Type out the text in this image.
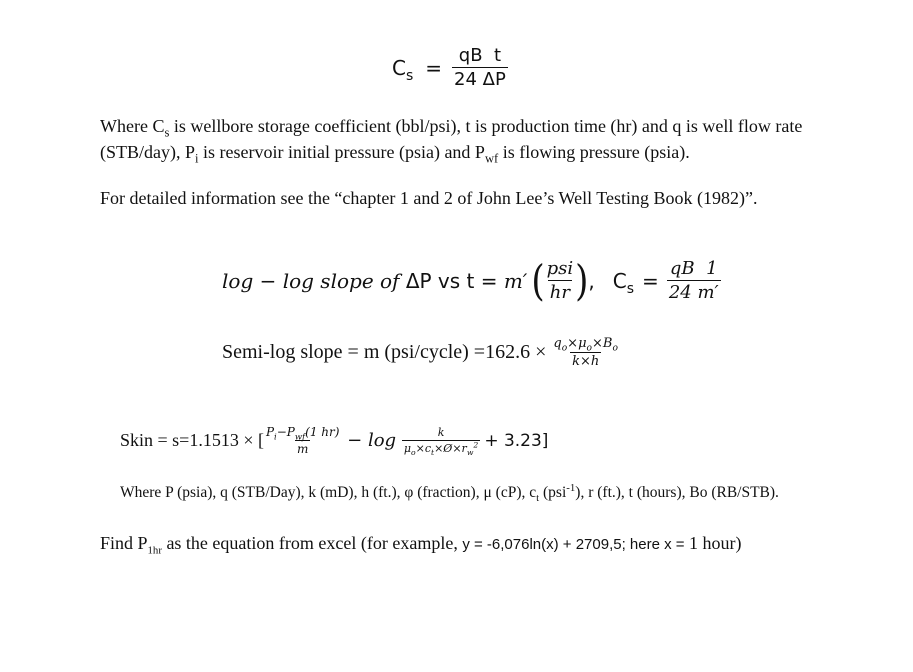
$C_s = \frac{\text{qB  t}}{24 \Delta P}$
Where $C_s$ is wellbore storage coefficient (bbl/psi), t is production time (hr) and q is well flow rate
(STB/day), $P_i$ is reservoir initial pressure (psia) and $P_{wf}$ is flowing pressure (psia).
For detailed information see the “chapter 1 and 2 of John Lee’s Well Testing Book (1982)”.
log − log slope of ΔP vs t = m′ ( $\frac{\text{psi}}{hr}$ ) , $C_s = \frac{qB 1}{24 m'}$
Semi-log slope = m (psi/cycle) $=162.6 \times \frac{q_o\times\mu_o\times B_o}{k\times h}$
Skin = s=1.1513 × [ $\frac{P_i-P_{wf}(1 hr)}{m} - \log \frac{k}{\mu_o\times c_t\times Ø\times r_w^2} + 3.23$]
Where P (psia), q (STB/Day), k (mD), h (ft.), φ (fraction), μ (cP), $c_t$ (psi$^{-1}$), r (ft.), t (hours), Bo (RB/STB).
Find $P_{1hr}$ as the equation from excel (for example, y = -6,076ln(x) + 2709,5; here x = 1 hour)
